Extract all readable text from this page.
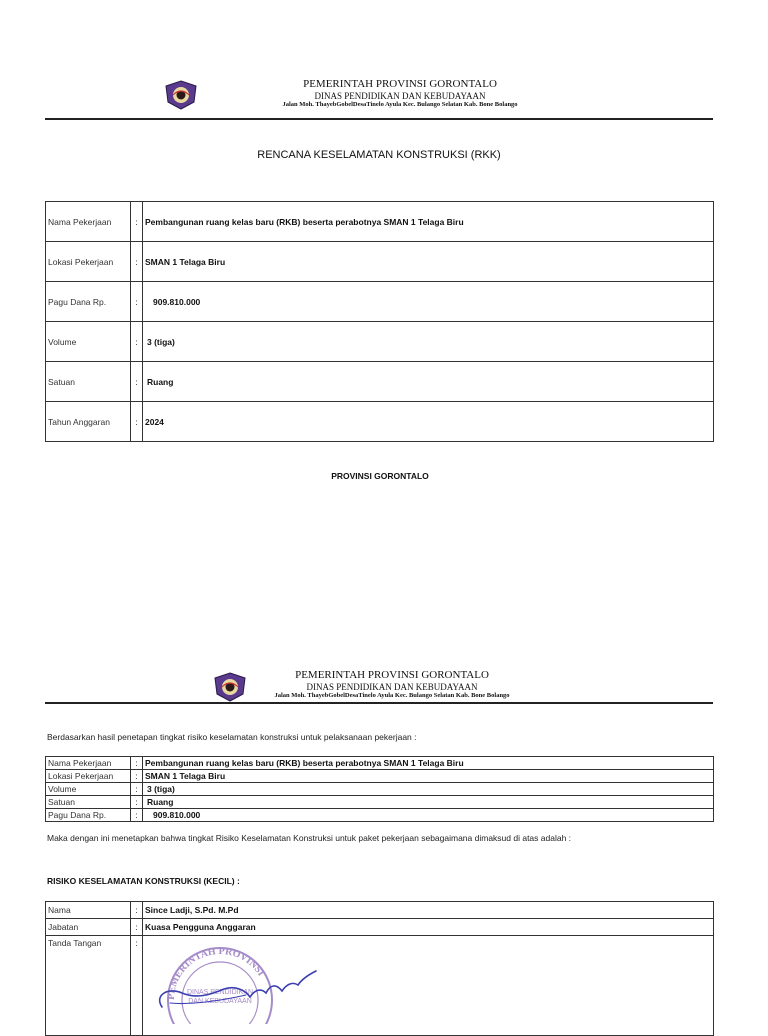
PEMERINTAH PROVINSI GORONTALO
DINAS PENDIDIKAN DAN KEBUDAYAAN
Jalan Moh. ThayebGobelDesaTinelo Ayula Kec. Bulango Selatan Kab. Bone Bolango
RENCANA KESELAMATAN KONSTRUKSI (RKK)
Nama Pekerjaan	:	Pembangunan ruang kelas baru (RKB) beserta perabotnya SMAN 1 Telaga Biru
Lokasi Pekerjaan	:	SMAN 1 Telaga Biru
Pagu Dana Rp.	:	909.810.000
Volume	:	3 (tiga)
Satuan	:	Ruang
Tahun Anggaran	:	2024
PROVINSI GORONTALO
PEMERINTAH PROVINSI GORONTALO
DINAS PENDIDIKAN DAN KEBUDAYAAN
Jalan Moh. ThayebGobelDesaTinelo Ayula Kec. Bulango Selatan Kab. Bone Bolango
Berdasarkan hasil penetapan tingkat risiko keselamatan konstruksi untuk pelaksanaan pekerjaan :
Nama Pekerjaan	:	Pembangunan ruang kelas baru (RKB) beserta perabotnya SMAN 1 Telaga Biru
Lokasi Pekerjaan	:	SMAN 1 Telaga Biru
Volume	:	3 (tiga)
Satuan	:	Ruang
Pagu Dana Rp.	:	909.810.000
Maka dengan ini menetapkan bahwa tingkat Risiko Keselamatan Konstruksi untuk paket pekerjaan sebagaimana dimaksud di atas adalah :
RISIKO KESELAMATAN KONSTRUKSI (KECIL) :
Nama	:	Since Ladji, S.Pd. M.Pd
Jabatan	:	Kuasa Pengguna Anggaran
Tanda Tangan	:	
PEMERINTAH PROVINSI
DINAS PENDIDIKAN
DAN KEBUDAYAAN
